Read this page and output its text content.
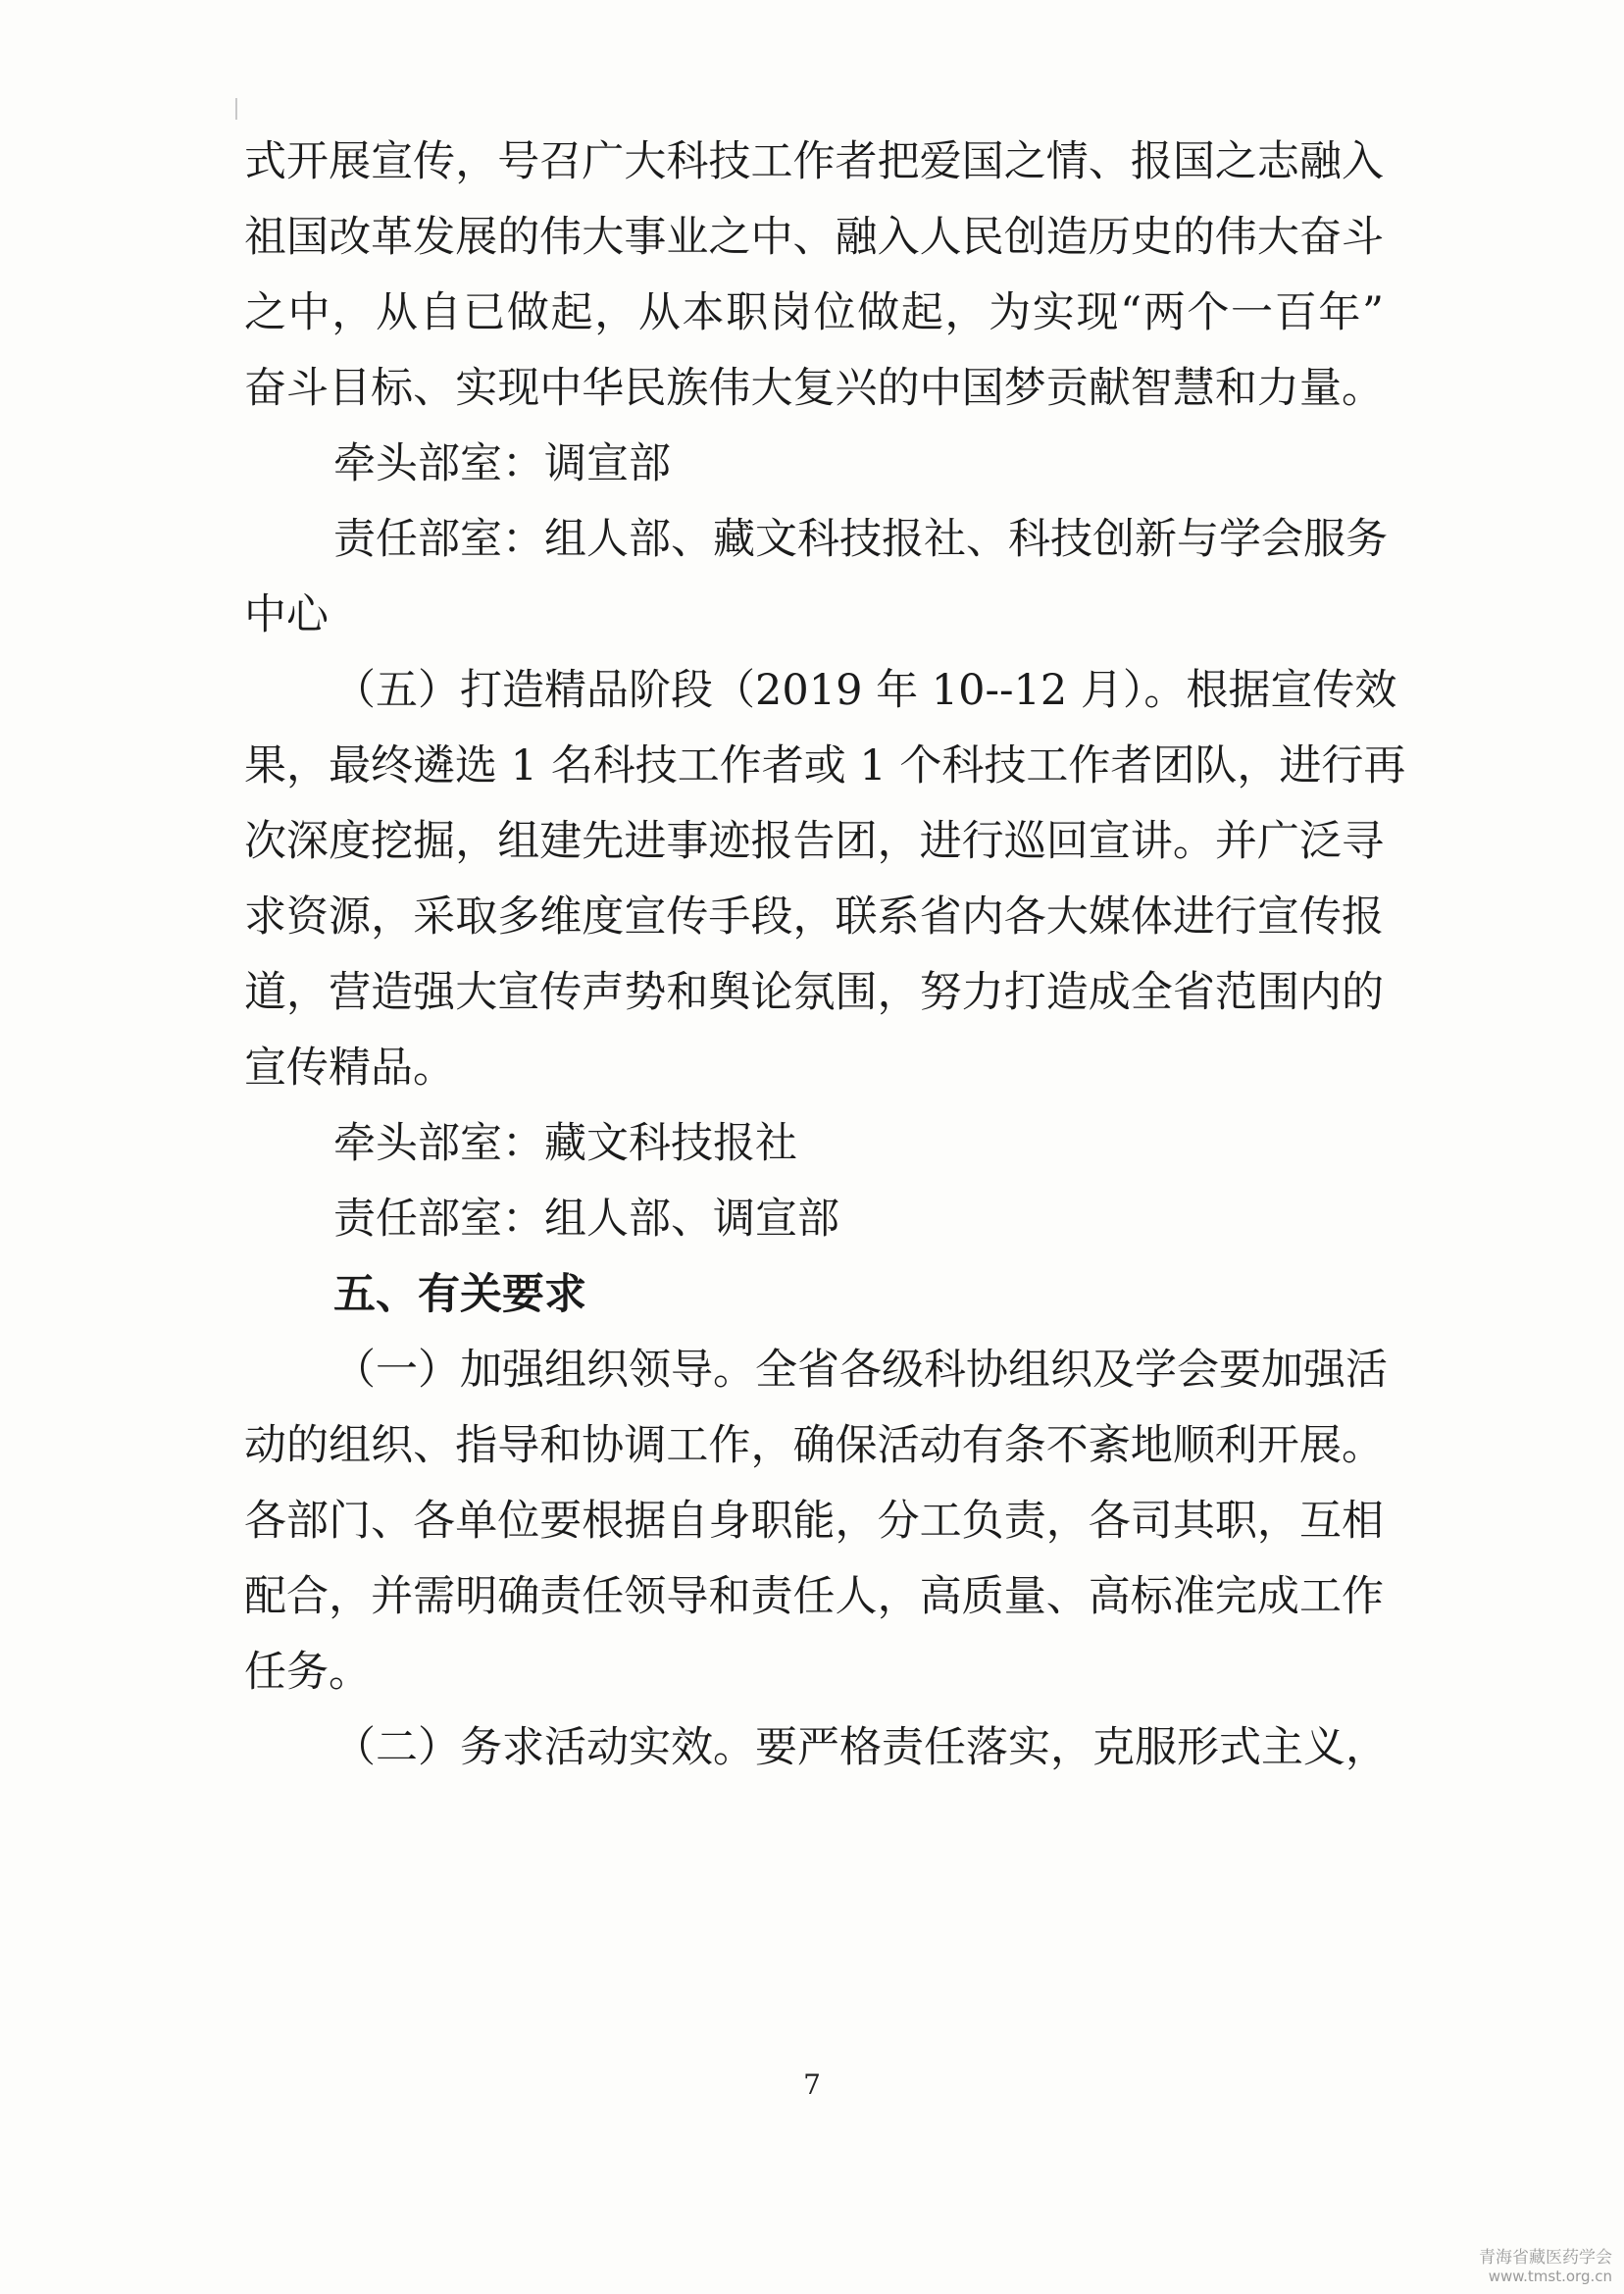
式开展宣传，号召广大科技工作者把爱国之情、报国之志融入
祖国改革发展的伟大事业之中、融入人民创造历史的伟大奋斗
之中，从自已做起，从本职岗位做起，为实现“两个一百年”
奋斗目标、实现中华民族伟大复兴的中国梦贡献智慧和力量。
牵头部室：调宣部
责任部室：组人部、藏文科技报社、科技创新与学会服务
中心
（五）打造精品阶段（2019 年 10--12 月）。根据宣传效
果，最终遴选 1 名科技工作者或 1 个科技工作者团队，进行再
次深度挖掘，组建先进事迹报告团，进行巡回宣讲。并广泛寻
求资源，采取多维度宣传手段，联系省内各大媒体进行宣传报
道，营造强大宣传声势和舆论氛围，努力打造成全省范围内的
宣传精品。
牵头部室：藏文科技报社
责任部室：组人部、调宣部
五、有关要求
（一）加强组织领导。全省各级科协组织及学会要加强活
动的组织、指导和协调工作，确保活动有条不紊地顺利开展。
各部门、各单位要根据自身职能，分工负责，各司其职，互相
配合，并需明确责任领导和责任人，高质量、高标准完成工作
任务。
（二）务求活动实效。要严格责任落实，克服形式主义，
7
青海省藏医药学会
www.tmst.org.cn
